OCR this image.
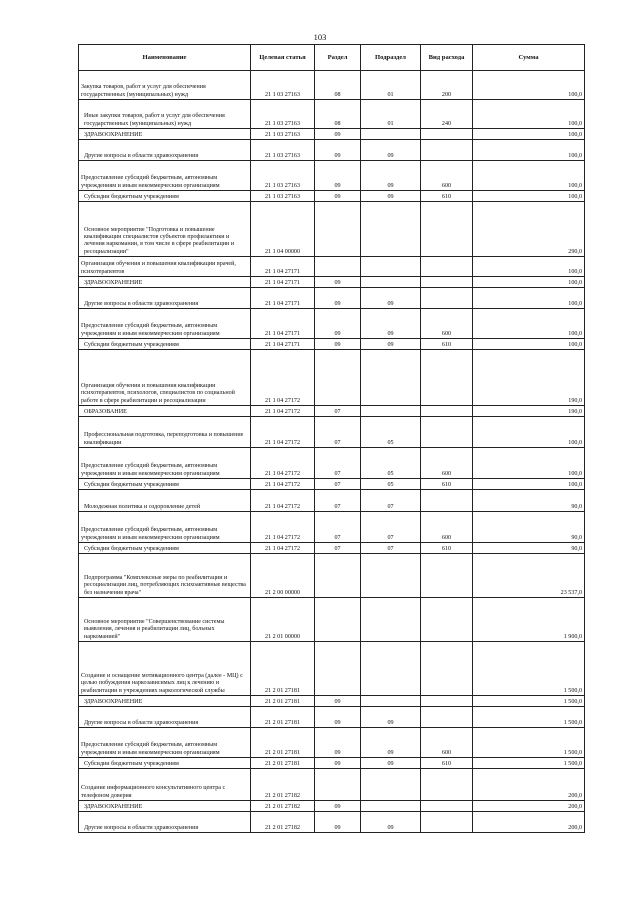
103
Наименование	Целевая статья	Раздел	Подраздел	Вид расхода	Сумма
Закупка товаров, работ и услуг для обеспечения государственных (муниципальных) нужд	21 1 03 27163	08	01	200	100,0
Иные закупки товаров, работ и услуг для обеспечения государственных (муниципальных) нужд	21 1 03 27163	08	01	240	100,0
ЗДРАВООХРАНЕНИЕ	21 1 03 27163	09			100,0
Другие вопросы в области здравоохранения	21 1 03 27163	09	09		100,0
Предоставление субсидий бюджетным, автономным учреждениям и иным некоммерческим организациям	21 1 03 27163	09	09	600	100,0
Субсидии бюджетным учреждениям	21 1 03 27163	09	09	610	100,0
Основное мероприятие "Подготовка и повышение квалификации специалистов субъектов профилактики и лечения наркомании, в том числе в сфере реабилитации и ресоциализации"	21 1 04 00000				290,0
Организация обучения и повышения квалификации врачей, психотерапевтов	21 1 04 27171				100,0
ЗДРАВООХРАНЕНИЕ	21 1 04 27171	09			100,0
Другие вопросы в области здравоохранения	21 1 04 27171	09	09		100,0
Предоставление субсидий бюджетным, автономным учреждениям и иным некоммерческим организациям	21 1 04 27171	09	09	600	100,0
Субсидии бюджетным учреждениям	21 1 04 27171	09	09	610	100,0
Организация обучения и повышения квалификации психотерапевтов, психологов, специалистов по социальной работе в сфере реабилитации и ресоциализации	21 1 04 27172				190,0
ОБРАЗОВАНИЕ	21 1 04 27172	07			190,0
Профессиональная подготовка, переподготовка и повышение квалификации	21 1 04 27172	07	05		100,0
Предоставление субсидий бюджетным, автономным учреждениям и иным некоммерческим организациям	21 1 04 27172	07	05	600	100,0
Субсидии бюджетным учреждениям	21 1 04 27172	07	05	610	100,0
Молодежная политика и оздоровление детей	21 1 04 27172	07	07		90,0
Предоставление субсидий бюджетным, автономным учреждениям и иным некоммерческим организациям	21 1 04 27172	07	07	600	90,0
Субсидии бюджетным учреждениям	21 1 04 27172	07	07	610	90,0
Подпрограмма "Комплексные меры по реабилитации и ресоциализации лиц, потребляющих психоактивные вещества без назначения врача"	21 2 00 00000				23 537,0
Основное мероприятие "Совершенствование системы выявления, лечения и реабилитации лиц, больных наркоманией"	21 2 01 00000				1 900,0
Создание и оснащение мотивационного центра (далее - МЦ) с целью побуждения наркозависимых лиц к лечению и реабилитации в учреждениях наркологической службы	21 2 01 27181				1 500,0
ЗДРАВООХРАНЕНИЕ	21 2 01 27181	09			1 500,0
Другие вопросы в области здравоохранения	21 2 01 27181	09	09		1 500,0
Предоставление субсидий бюджетным, автономным учреждениям и иным некоммерческим организациям	21 2 01 27181	09	09	600	1 500,0
Субсидии бюджетным учреждениям	21 2 01 27181	09	09	610	1 500,0
Создание информационного консультативного центра с телефоном доверия	21 2 01 27182				200,0
ЗДРАВООХРАНЕНИЕ	21 2 01 27182	09			200,0
Другие вопросы в области здравоохранения	21 2 01 27182	09	09		200,0
